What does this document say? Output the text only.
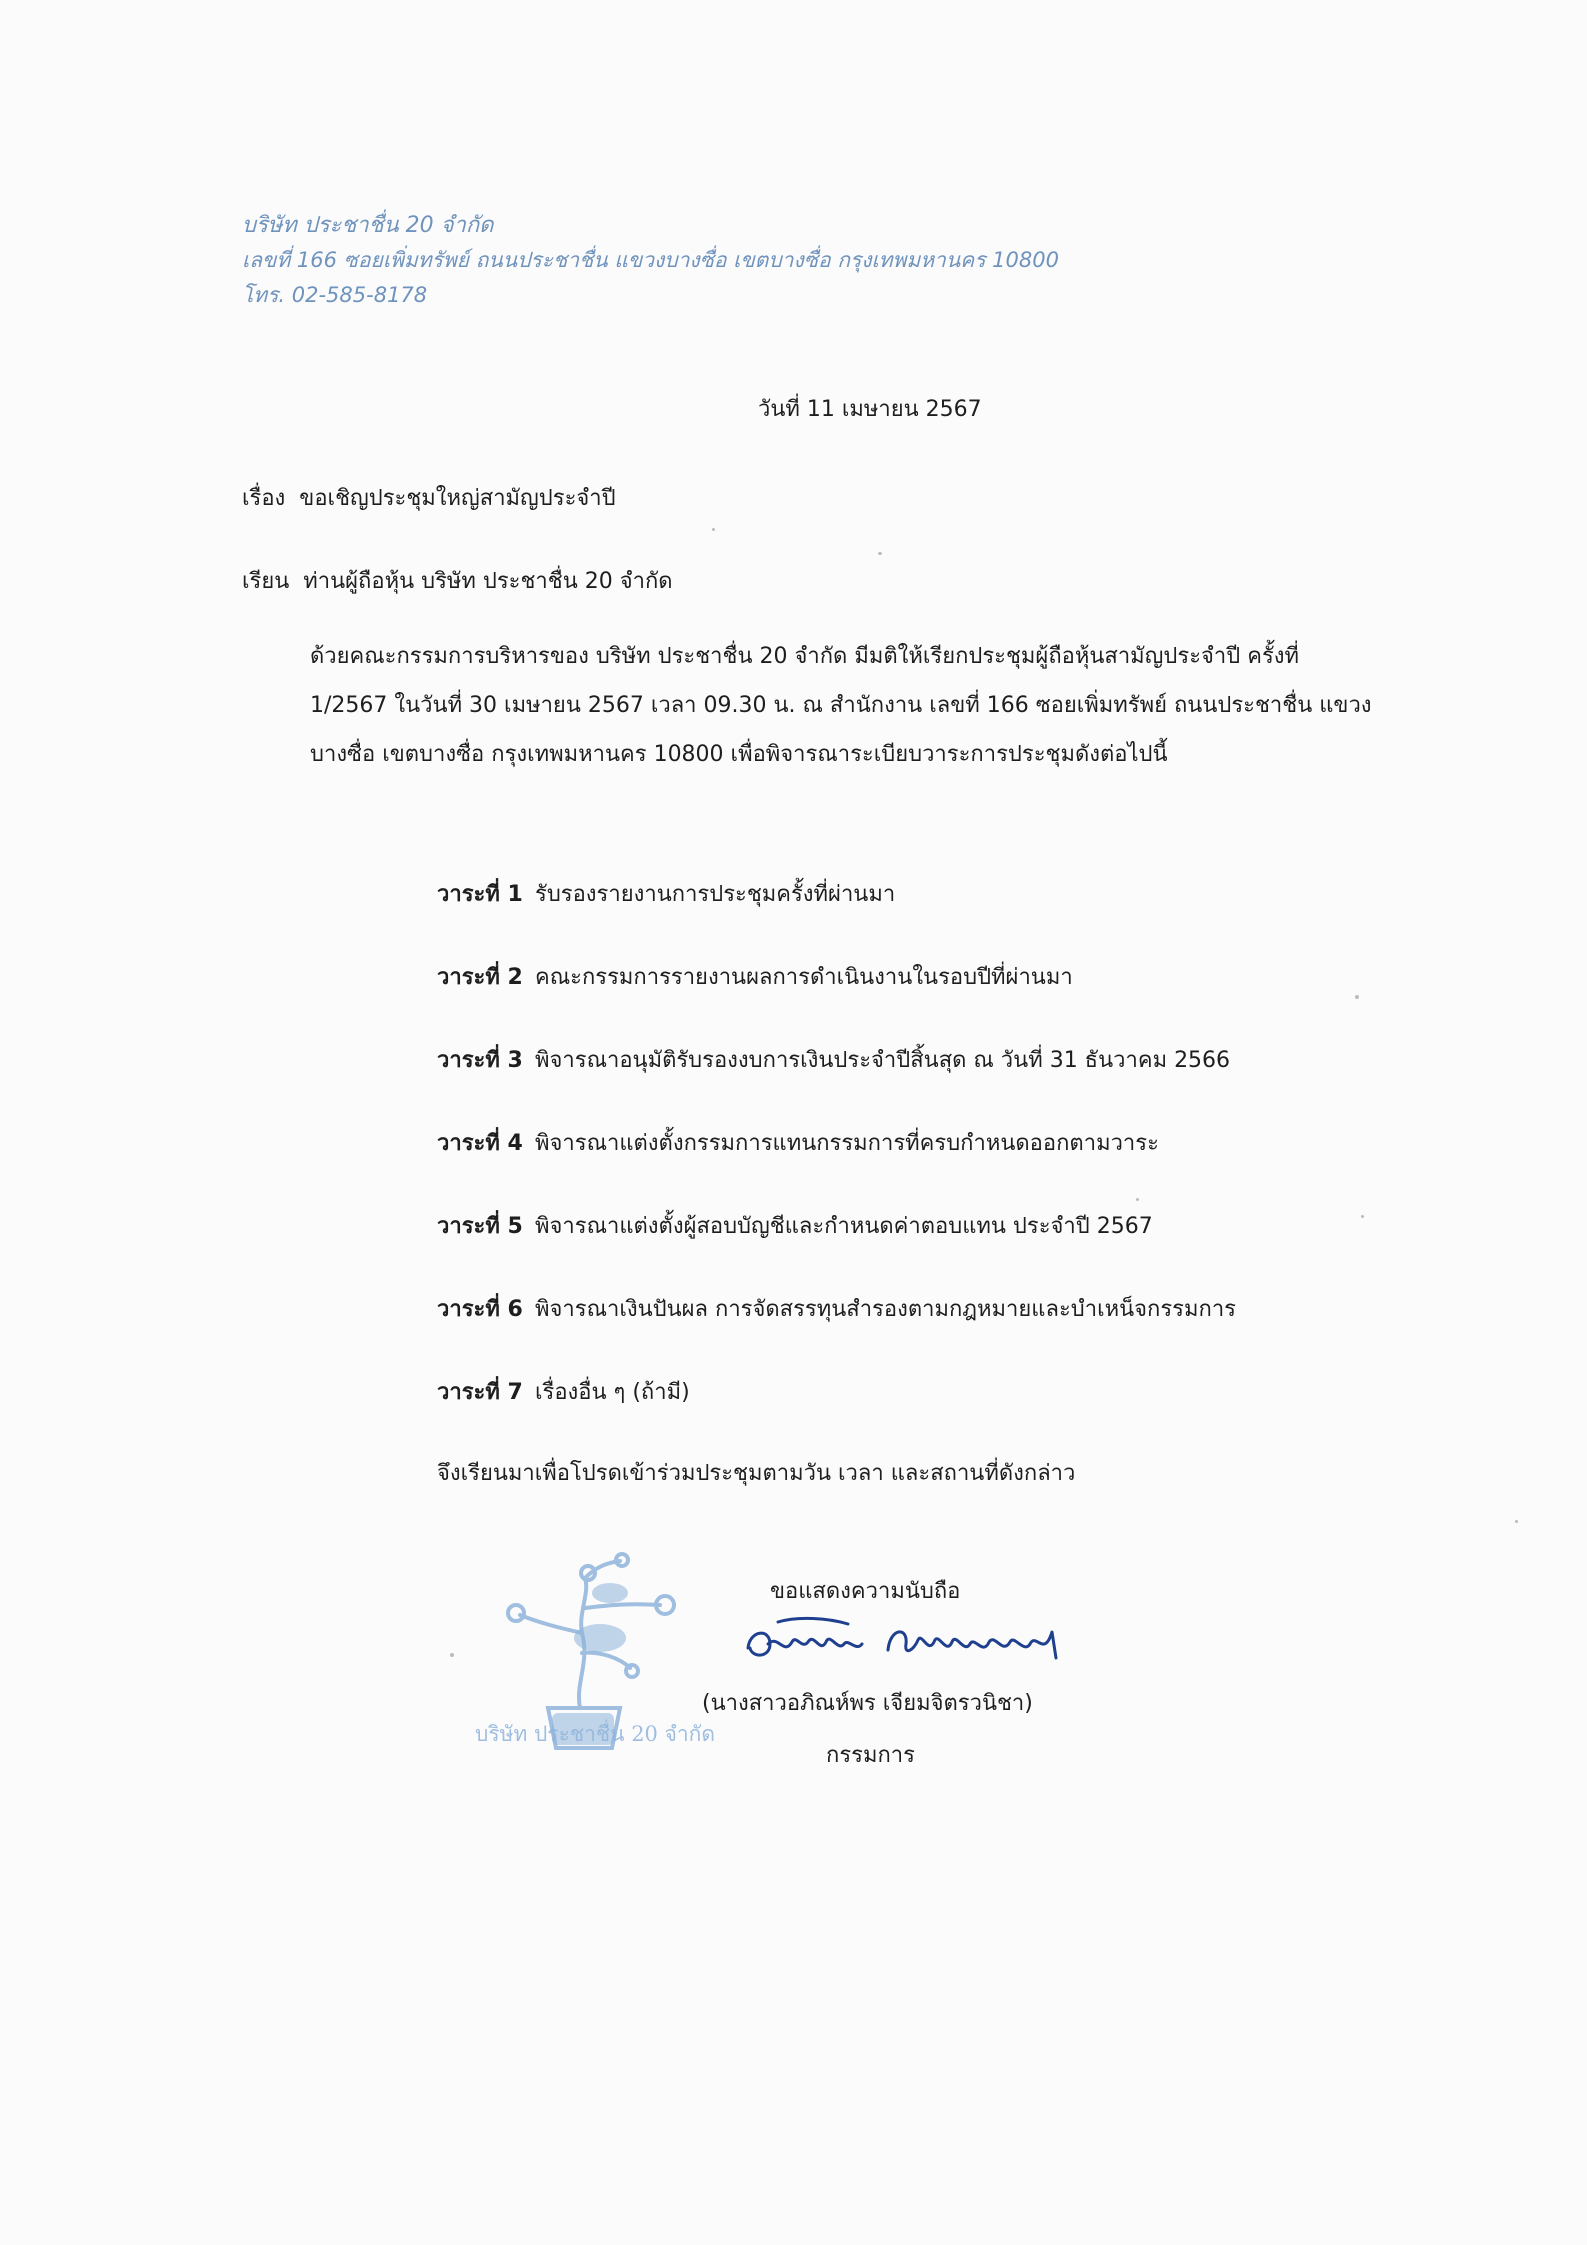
บริษัท ประชาชื่น 20 จำกัด
เลขที่ 166 ซอยเพิ่มทรัพย์ ถนนประชาชื่น แขวงบางซื่อ เขตบางซื่อ กรุงเทพมหานคร 10800
โทร. 02-585-8178
วันที่ 11 เมษายน 2567
เรื่อง ขอเชิญประชุมใหญ่สามัญประจำปี
เรียน ท่านผู้ถือหุ้น บริษัท ประชาชื่น 20 จำกัด

ด้วยคณะกรรมการบริหารของ บริษัท ประชาชื่น 20 จำกัด มีมติให้เรียกประชุมผู้ถือหุ้นสามัญประจำปี ครั้งที่ 1/2567 ในวันที่ 30 เมษายน 2567 เวลา 09.30 น. ณ สำนักงาน เลขที่ 166 ซอยเพิ่มทรัพย์ ถนนประชาชื่น แขวงบางซื่อ เขตบางซื่อ กรุงเทพมหานคร 10800 เพื่อพิจารณาระเบียบวาระการประชุมดังต่อไปนี้

วาระที่ 1 รับรองรายงานการประชุมครั้งที่ผ่านมา
วาระที่ 2 คณะกรรมการรายงานผลการดำเนินงานในรอบปีที่ผ่านมา
วาระที่ 3 พิจารณาอนุมัติรับรองงบการเงินประจำปีสิ้นสุด ณ วันที่ 31 ธันวาคม 2566
วาระที่ 4 พิจารณาแต่งตั้งกรรมการแทนกรรมการที่ครบกำหนดออกตามวาระ
วาระที่ 5 พิจารณาแต่งตั้งผู้สอบบัญชีและกำหนดค่าตอบแทน ประจำปี 2567
วาระที่ 6 พิจารณาเงินปันผล การจัดสรรทุนสำรองตามกฎหมายและบำเหน็จกรรมการ
วาระที่ 7 เรื่องอื่น ๆ (ถ้ามี)
จึงเรียนมาเพื่อโปรดเข้าร่วมประชุมตามวัน เวลา และสถานที่ดังกล่าว
บริษัท ประชาชื่น 20 จำกัด
ขอแสดงความนับถือ
(นางสาวอภิณห์พร เจียมจิตรวนิชา)
กรรมการ
